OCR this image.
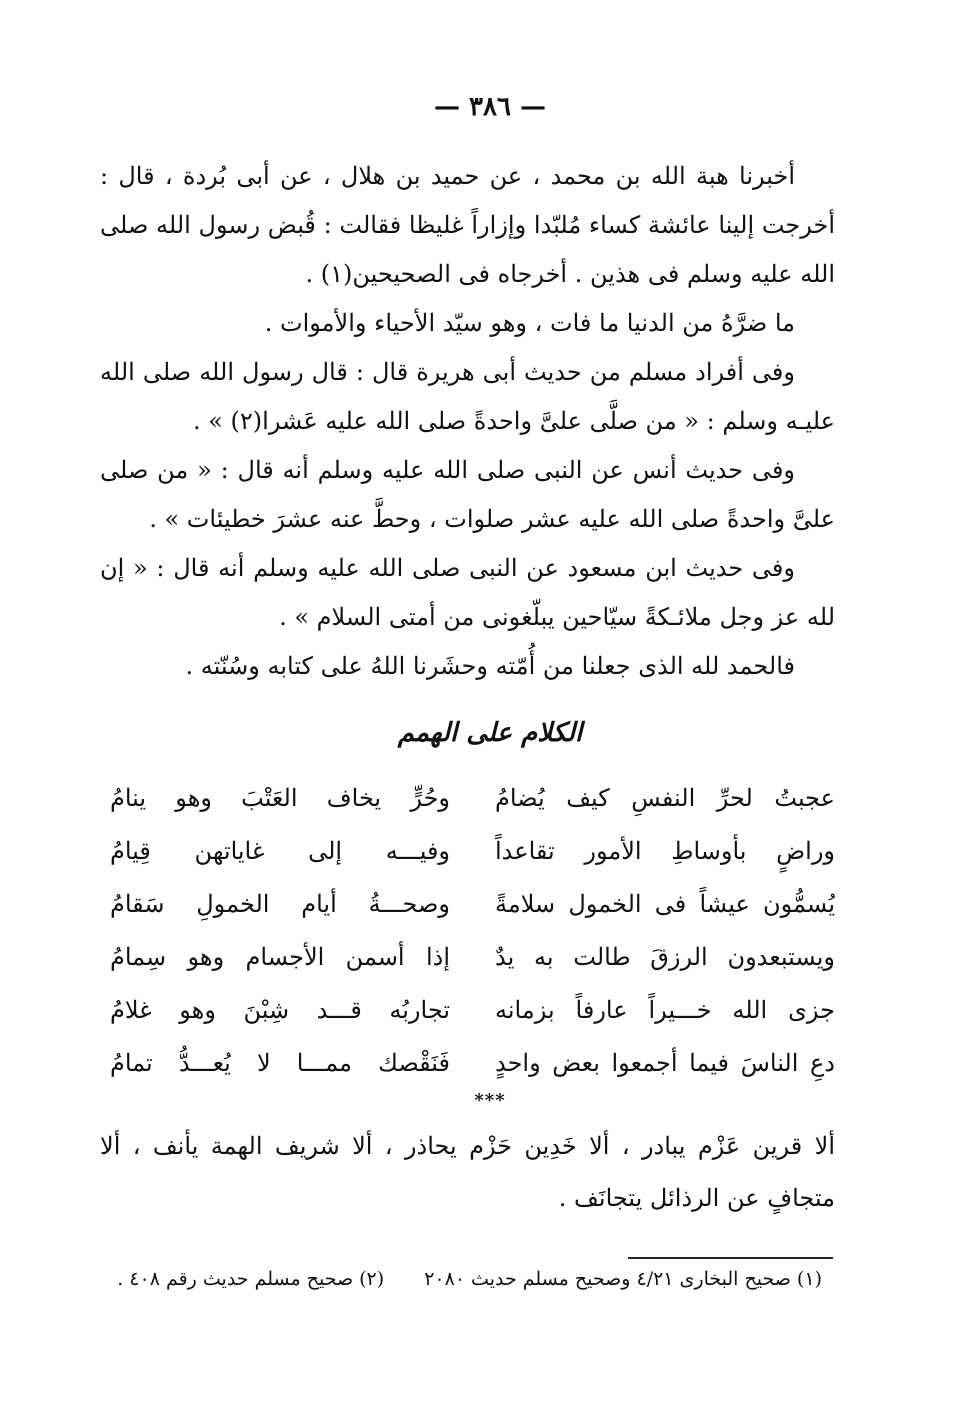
— ٣٨٦ —

أخبرنا هبة الله بن محمد ، عن حميد بن هلال ، عن أبى بُردة ، قال : أخرجت إلينا عائشة كساء مُلبّدا وإزاراً غليظا فقالت : قُبض رسول الله صلى الله عليه وسلم فى هذين . أخرجاه فى الصحيحين(١) .

ما ضرَّهُ من الدنيا ما فات ، وهو سيّد الأحياء والأموات .

وفى أفراد مسلم من حديث أبى هريرة قال : قال رسول الله صلى الله عليـه وسلم : « من صلَّى علىَّ واحدةً صلى الله عليه عَشرا(٢) » .

وفى حديث أنس عن النبى صلى الله عليه وسلم أنه قال : « من صلى علىَّ واحدةً صلى الله عليه عشر صلوات ، وحطَّ عنه عشرَ خطيئات » .

وفى حديث ابن مسعود عن النبى صلى الله عليه وسلم أنه قال : « إن لله عز وجل ملائـكةً سيّاحين يبلّغونى من أمتى السلام » .

فالحمد لله الذى جعلنا من أُمّته وحشَرنا اللهُ على كتابه وسُنّته .

الكلام على الهمم
عجبتُ لحرِّ النفسِ كيف يُضامُ
وحُرٍّ يخاف العَتْبَ وهو ينامُ
وراضٍ بأوساطِ الأمور تقاعداً
وفيـــه إلى غاياتهن قِيامُ
يُسمُّون عيشاً فى الخمول سلامةً
وصحـــةُ أيام الخمولِ سَقامُ
ويستبعدون الرزقَ طالت به يدٌ
إذا أسمن الأجسام وهو سِمامُ
جزى الله خـــيراً عارفاً بزمانه
تجاربُه قـــد شِبْنَ وهو غلامُ
دعِ الناسَ فيما أجمعوا بعض واحدٍ
فَنَقْصك ممـــا لا يُعـــدُّ تمامُ
***

ألا قرين عَزْم يبادر ، ألا خَدِين حَزْم يحاذر ، ألا شريف الهمة يأنف ، ألا متجافٍ عن الرذائل يتجانَف .

(١) صحيح البخارى ٤/٢١ وصحيح مسلم حديث ٢٠٨٠
(٢) صحيح مسلم حديث رقم ٤٠٨ .
